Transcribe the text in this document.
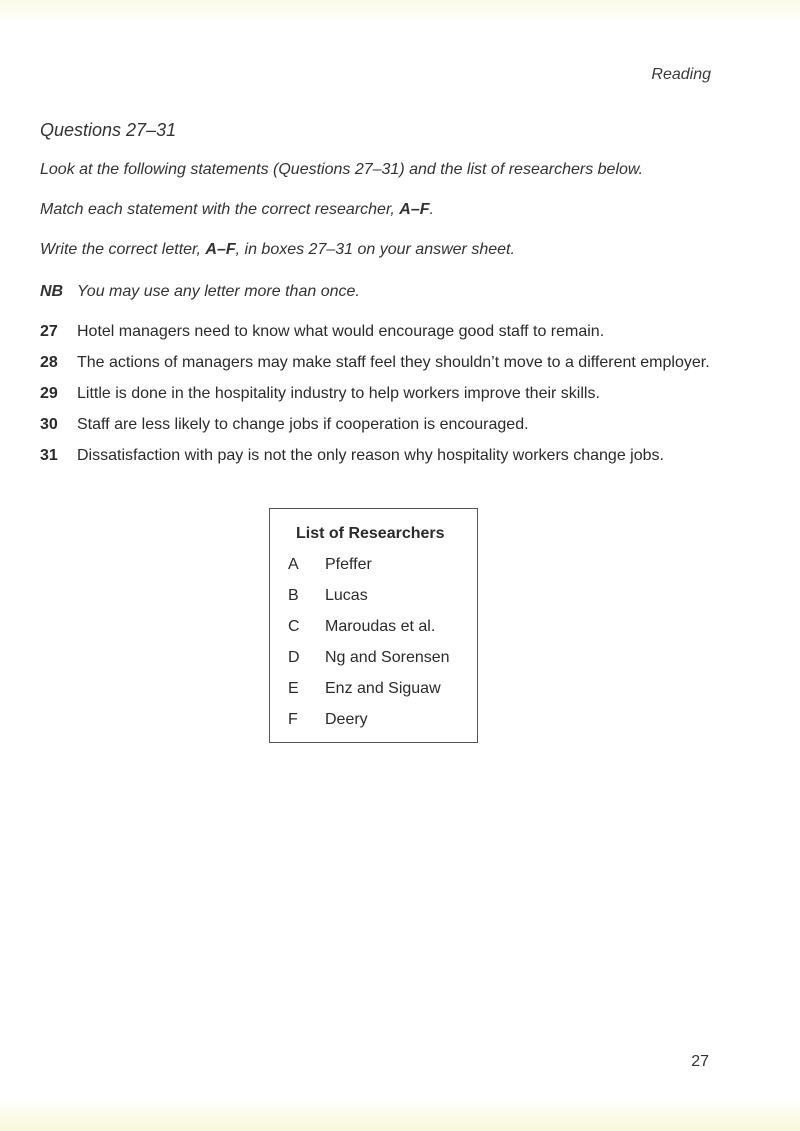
Reading
Questions 27–31
Look at the following statements (Questions 27–31) and the list of researchers below.
Match each statement with the correct researcher, A–F.
Write the correct letter, A–F, in boxes 27–31 on your answer sheet.
NB You may use any letter more than once.
27	Hotel managers need to know what would encourage good staff to remain.
28	The actions of managers may make staff feel they shouldn’t move to a different employer.
29	Little is done in the hospitality industry to help workers improve their skills.
30	Staff are less likely to change jobs if cooperation is encouraged.
31	Dissatisfaction with pay is not the only reason why hospitality workers change jobs.
List of Researchers
A	Pfeffer
B	Lucas
C	Maroudas et al.
D	Ng and Sorensen
E	Enz and Siguaw
F	Deery
27
